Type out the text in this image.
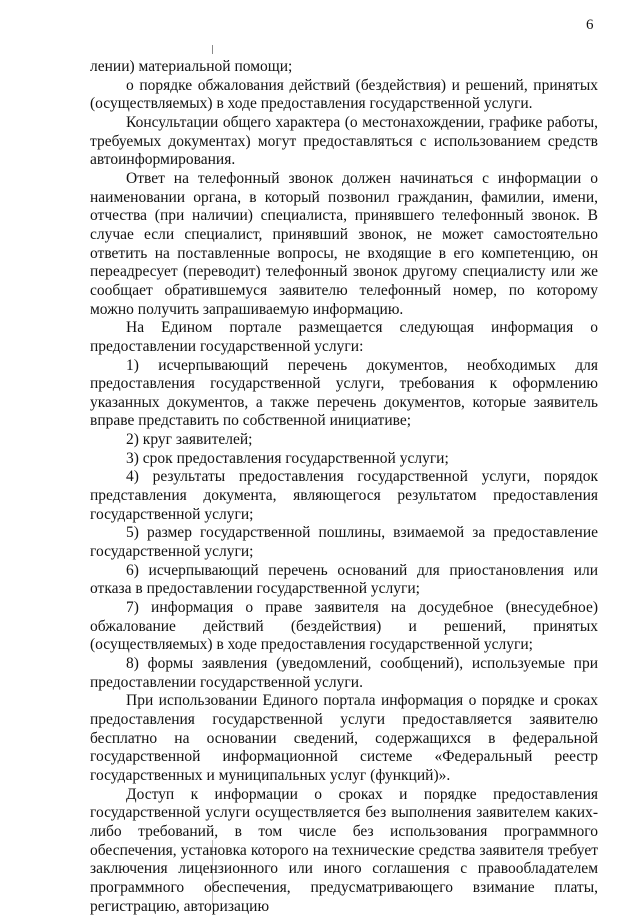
6

лении) материальной помощи;

о порядке обжалования действий (бездействия) и решений, принятых (осуществляемых) в ходе предоставления государственной услуги.

Консультации общего характера (о местонахождении, графике работы, требуемых документах) могут предоставляться с использованием средств автоинформирования.

Ответ на телефонный звонок должен начинаться с информации о наименовании органа, в который позвонил гражданин, фамилии, имени, отчества (при наличии) специалиста, принявшего телефонный звонок. В случае если специалист, принявший звонок, не может самостоятельно ответить на поставленные вопросы, не входящие в его компетенцию, он переадресует (переводит) телефонный звонок другому специалисту или же сообщает обратившемуся заявителю телефонный номер, по которому можно получить запрашиваемую информацию.

На Едином портале размещается следующая информация о предоставлении государственной услуги:

1) исчерпывающий перечень документов, необходимых для предоставления государственной услуги, требования к оформлению указанных документов, а также перечень документов, которые заявитель вправе представить по собственной инициативе;

2) круг заявителей;

3) срок предоставления государственной услуги;

4) результаты предоставления государственной услуги, порядок представления документа, являющегося результатом предоставления государственной услуги;

5) размер государственной пошлины, взимаемой за предоставление государственной услуги;

6) исчерпывающий перечень оснований для приостановления или отказа в предоставлении государственной услуги;

7) информация о праве заявителя на досудебное (внесудебное) обжалование действий (бездействия) и решений, принятых (осуществляемых) в ходе предоставления государственной услуги;

8) формы заявления (уведомлений, сообщений), используемые при предоставлении государственной услуги.

При использовании Единого портала информация о порядке и сроках предоставления государственной услуги предоставляется заявителю бесплатно на основании сведений, содержащихся в федеральной государственной информационной системе «Федеральный реестр государственных и муниципальных услуг (функций)».

Доступ к информации о сроках и порядке предоставления государственной услуги осуществляется без выполнения заявителем каких-либо требований, в том числе без использования программного обеспечения, установка которого на технические средства заявителя требует заключения лицензионного или иного соглашения с правообладателем программного обеспечения, предусматривающего взимание платы, регистрацию, авторизацию
